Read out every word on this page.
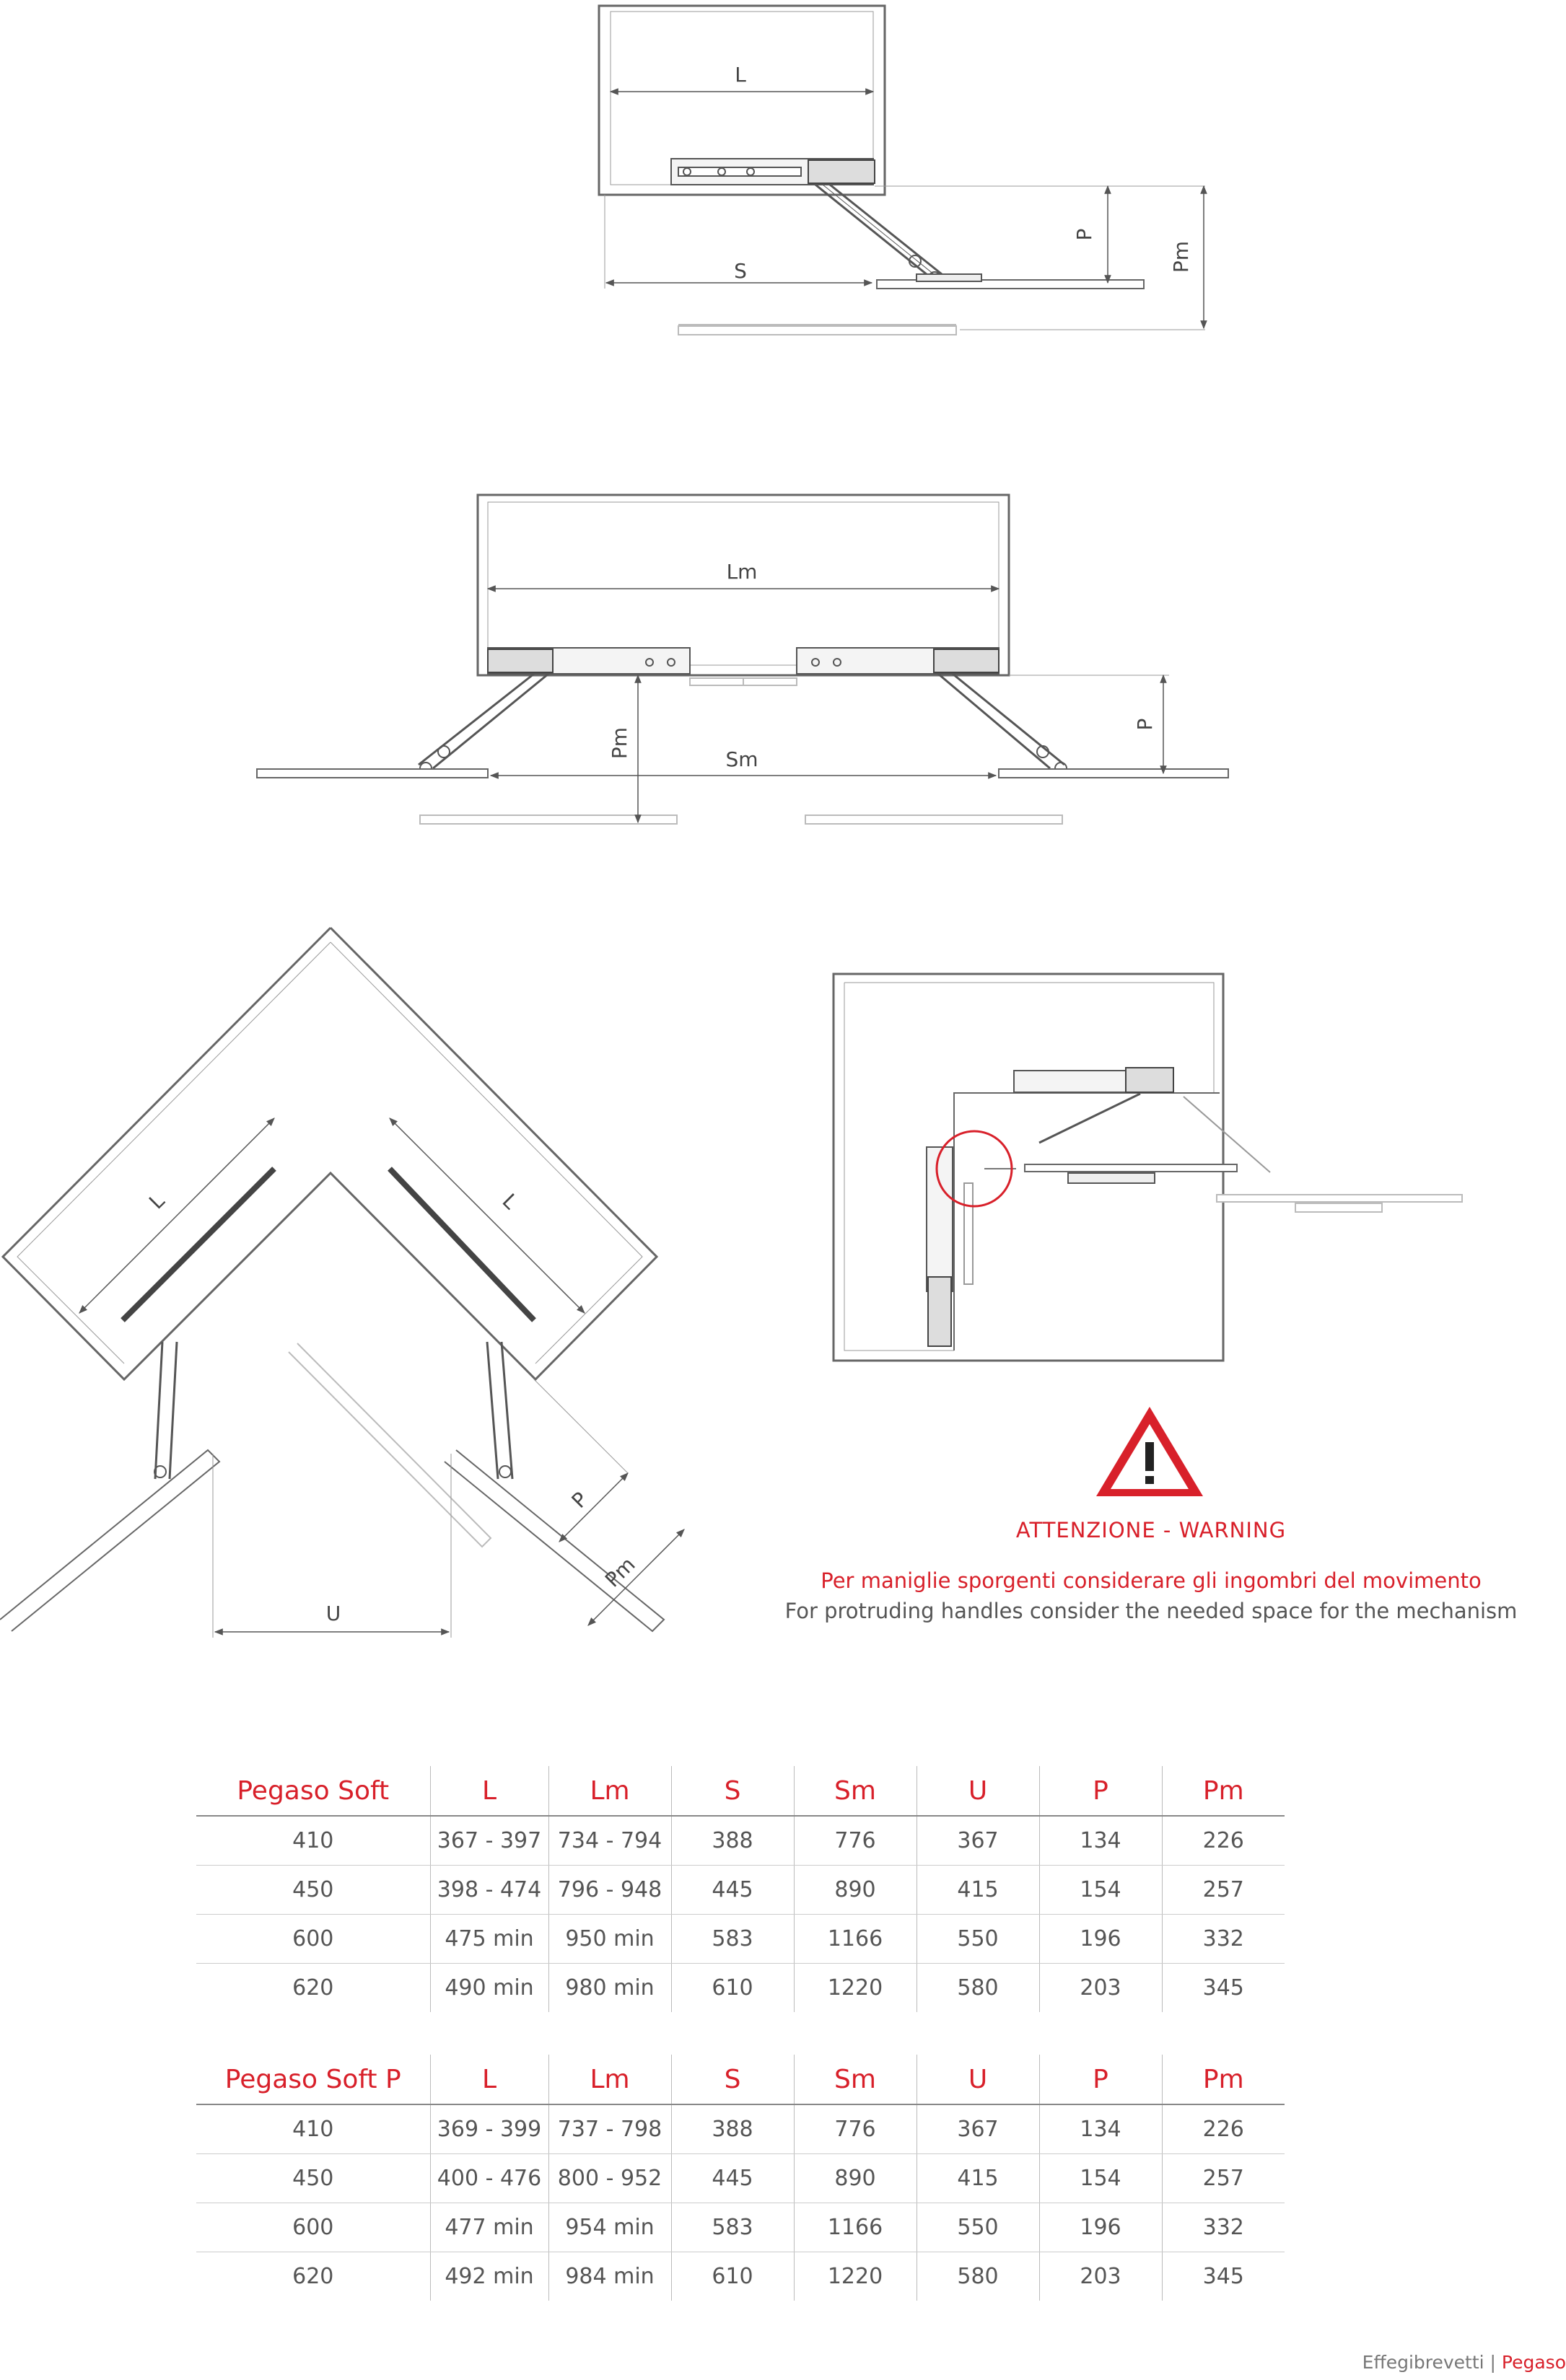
L
S
P
Pm
Lm
Sm
Pm
P
L	L
U
P
Pm
ATTENZIONE - WARNING
Per maniglie sporgenti considerare gli ingombri del movimento
For protruding handles consider the needed space for the mechanism
Pegaso Soft	L	Lm	S	Sm	U	P	Pm
410	367 - 397	734 - 794	388	776	367	134	226
450	398 - 474	796 - 948	445	890	415	154	257
600	475 min	950 min	583	1166	550	196	332
620	490 min	980 min	610	1220	580	203	345
Pegaso Soft P	L	Lm	S	Sm	U	P	Pm
410	369 - 399	737 - 798	388	776	367	134	226
450	400 - 476	800 - 952	445	890	415	154	257
600	477 min	954 min	583	1166	550	196	332
620	492 min	984 min	610	1220	580	203	345
Effegibrevetti | Pegaso
